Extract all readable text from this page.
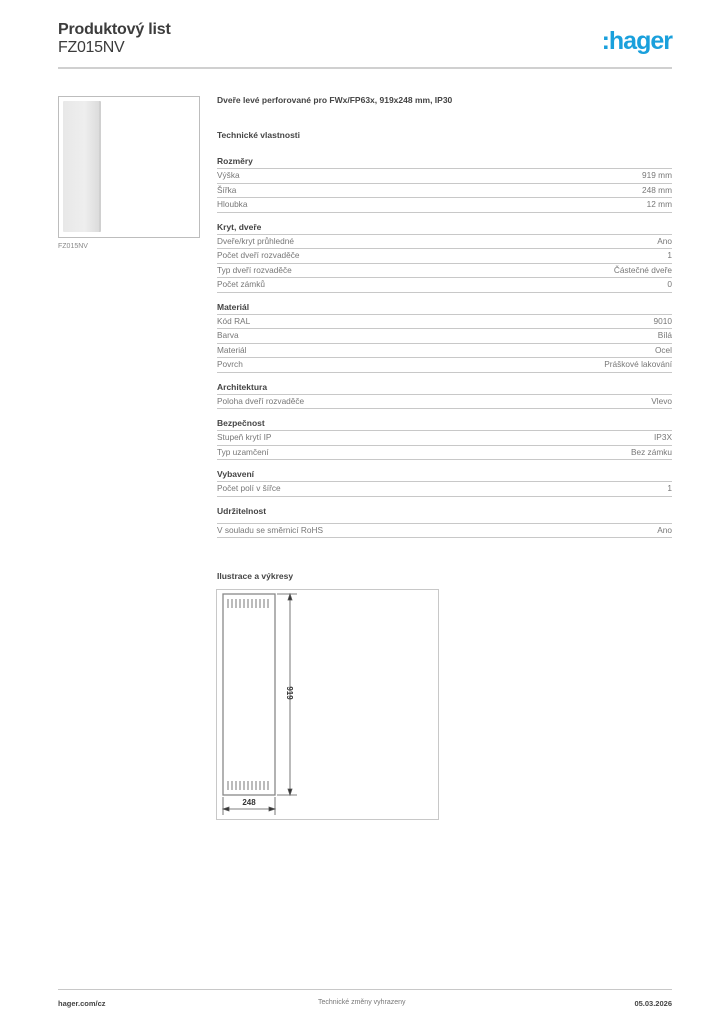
Produktový list
FZ015NV	:hager
FZ015NV
Dveře levé perforované pro FWx/FP63x, 919x248 mm, IP30
Technické vlastnosti
Rozměry
Výška	919 mm
Šířka	248 mm
Hloubka	12 mm
Kryt, dveře
Dveře/kryt průhledné	Ano
Počet dveří rozvaděče	1
Typ dveří rozvaděče	Částečné dveře
Počet zámků	0
Materiál
Kód RAL	9010
Barva	Bílá
Materiál	Ocel
Povrch	Práškové lakování
Architektura
Poloha dveří rozvaděče	Vlevo
Bezpečnost
Stupeň krytí IP	IP3X
Typ uzamčení	Bez zámku
Vybavení
Počet polí v šířce	1
Udržitelnost
V souladu se směrnicí RoHS	Ano
Ilustrace a výkresy
919
248
hager.com/cz	Technické změny vyhrazeny	05.03.2026
